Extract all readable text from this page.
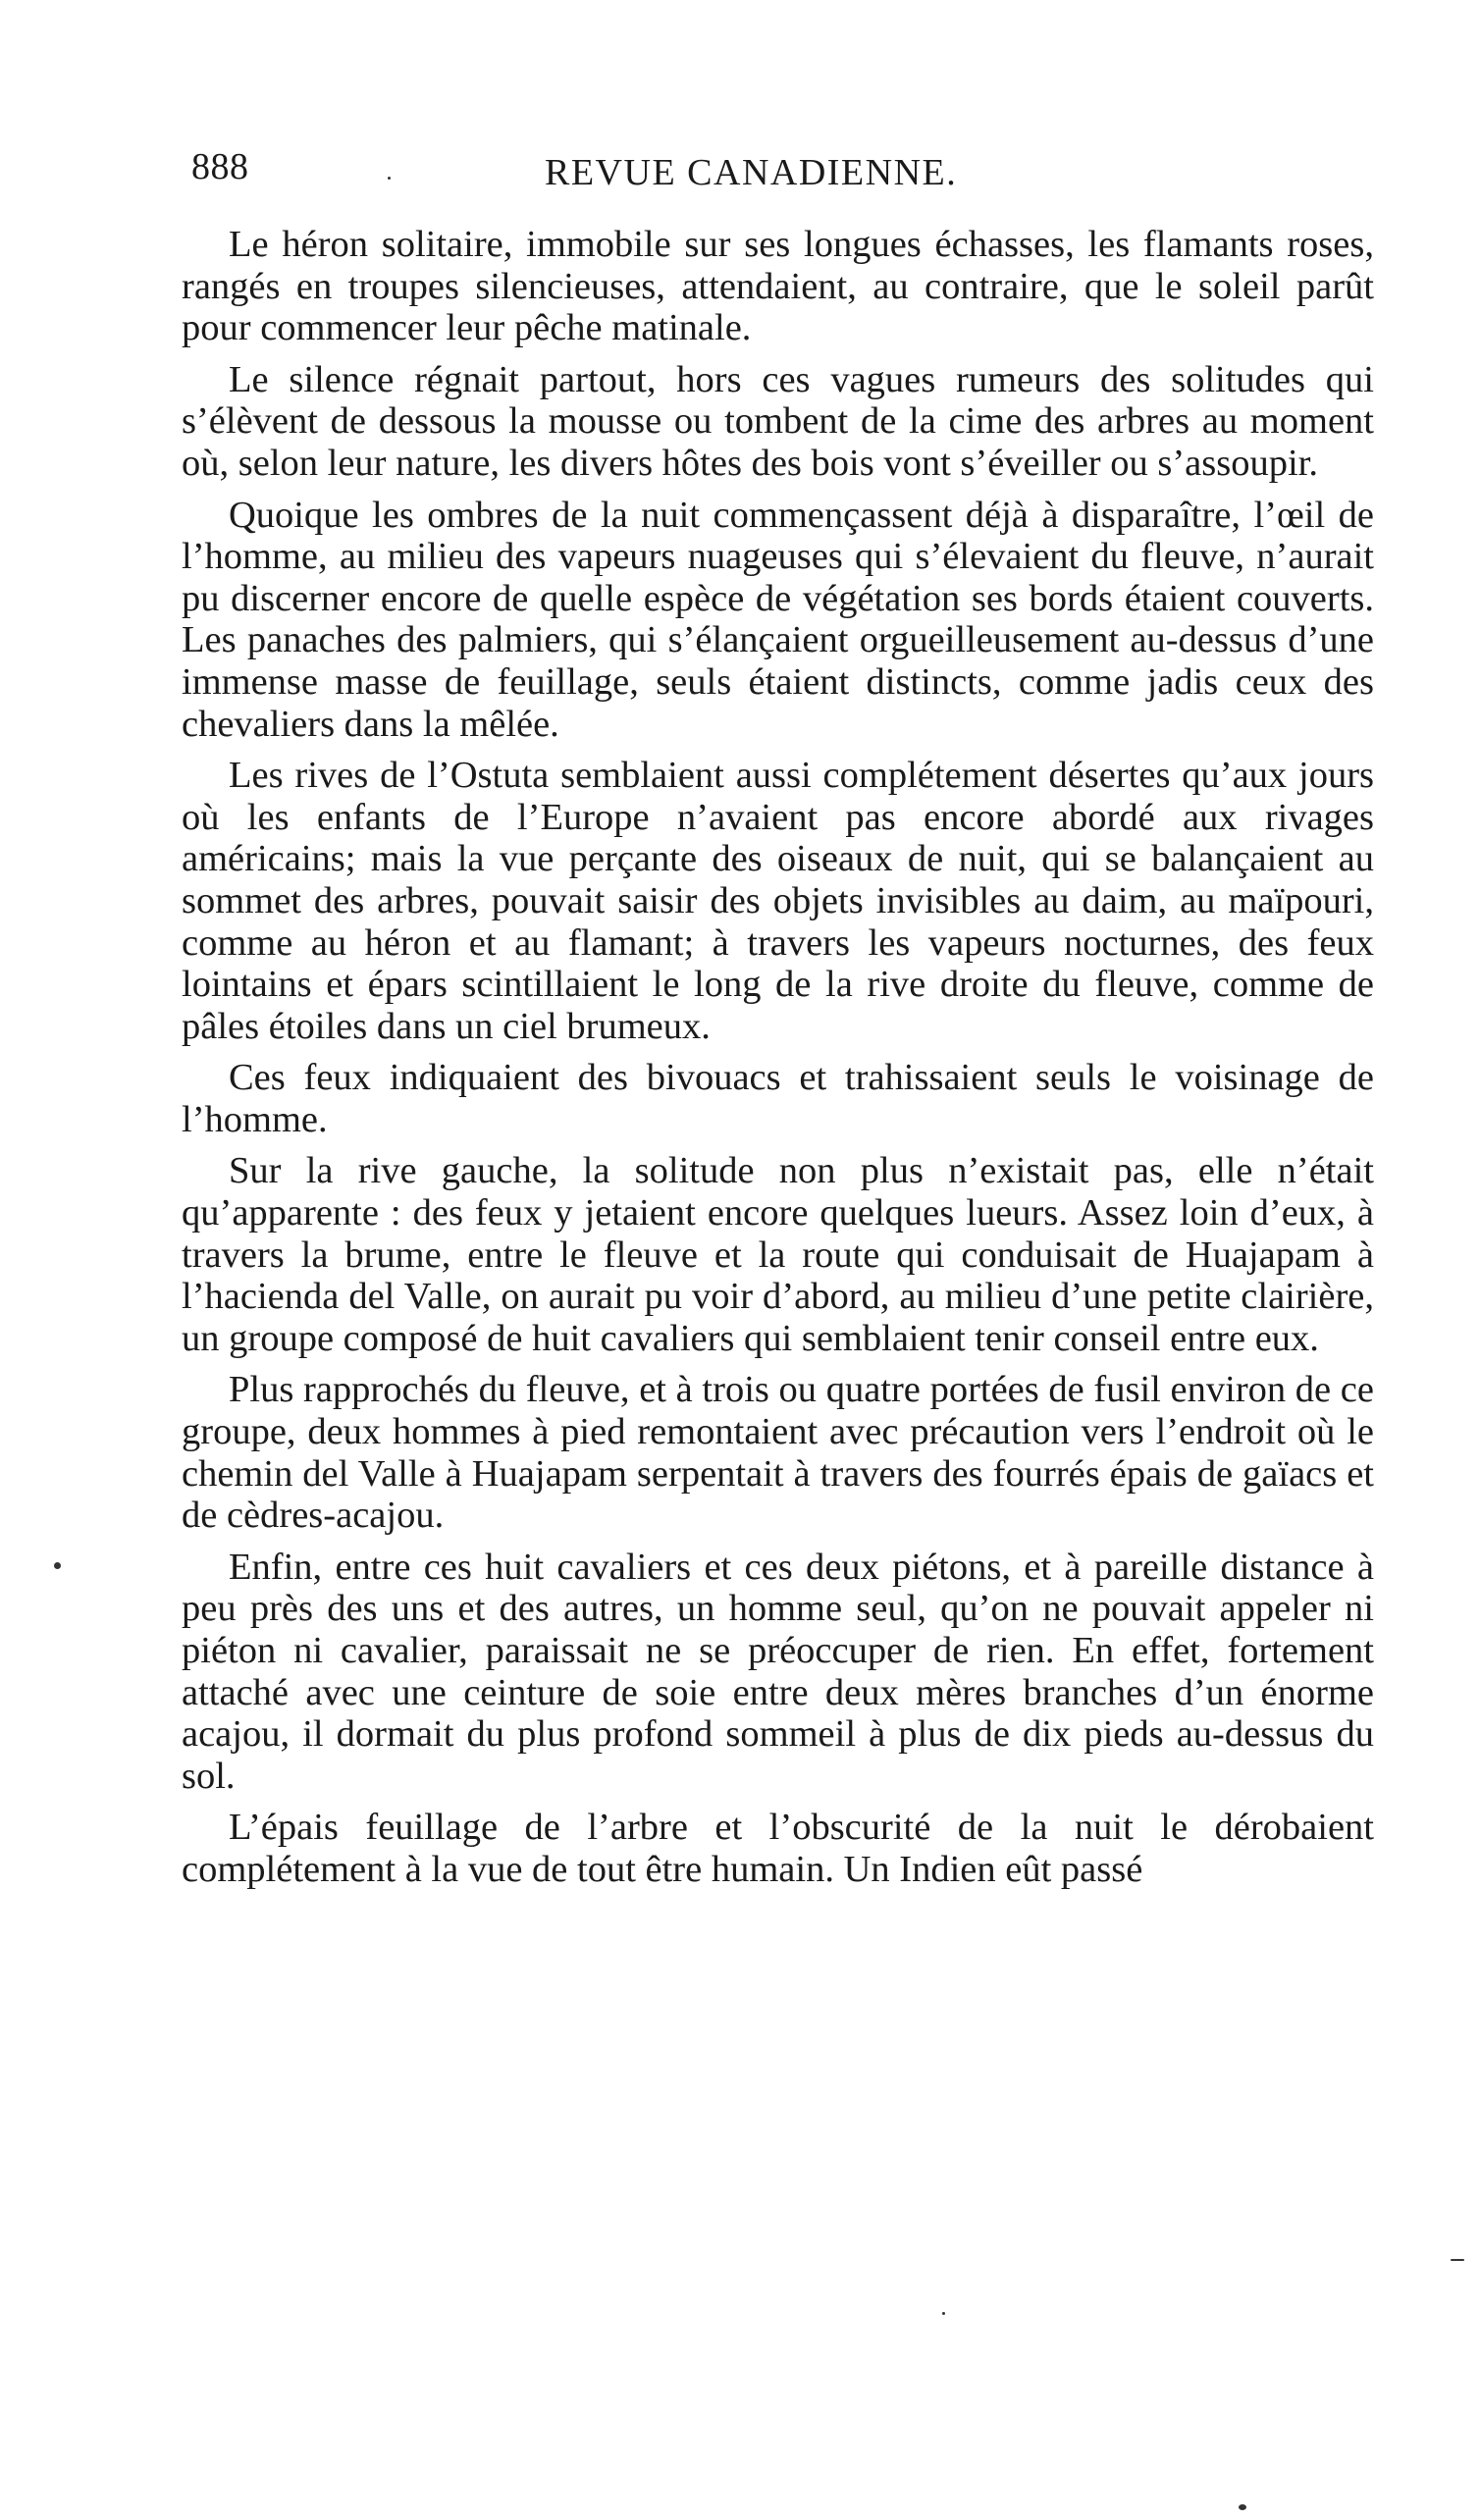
888	REVUE CANADIENNE.

Le héron solitaire, immobile sur ses longues échasses, les flamants roses, rangés en troupes silencieuses, attendaient, au contraire, que le soleil parût pour commencer leur pêche matinale.

Le silence régnait partout, hors ces vagues rumeurs des solitudes qui s’élèvent de dessous la mousse ou tombent de la cime des arbres au moment où, selon leur nature, les divers hôtes des bois vont s’éveiller ou s’assoupir.

Quoique les ombres de la nuit commençassent déjà à disparaître, l’œil de l’homme, au milieu des vapeurs nuageuses qui s’élevaient du fleuve, n’aurait pu discerner encore de quelle espèce de végétation ses bords étaient couverts. Les panaches des palmiers, qui s’élançaient orgueilleusement au-dessus d’une immense masse de feuillage, seuls étaient distincts, comme jadis ceux des chevaliers dans la mêlée.

Les rives de l’Ostuta semblaient aussi complétement désertes qu’aux jours où les enfants de l’Europe n’avaient pas encore abordé aux rivages américains; mais la vue perçante des oiseaux de nuit, qui se balançaient au sommet des arbres, pouvait saisir des objets invisibles au daim, au maïpouri, comme au héron et au flamant; à travers les vapeurs nocturnes, des feux lointains et épars scintillaient le long de la rive droite du fleuve, comme de pâles étoiles dans un ciel brumeux.

Ces feux indiquaient des bivouacs et trahissaient seuls le voisinage de l’homme.

Sur la rive gauche, la solitude non plus n’existait pas, elle n’était qu’apparente : des feux y jetaient encore quelques lueurs. Assez loin d’eux, à travers la brume, entre le fleuve et la route qui conduisait de Huajapam à l’hacienda del Valle, on aurait pu voir d’abord, au milieu d’une petite clairière, un groupe composé de huit cavaliers qui semblaient tenir conseil entre eux.

Plus rapprochés du fleuve, et à trois ou quatre portées de fusil environ de ce groupe, deux hommes à pied remontaient avec précaution vers l’endroit où le chemin del Valle à Huajapam serpentait à travers des fourrés épais de gaïacs et de cèdres-acajou.

Enfin, entre ces huit cavaliers et ces deux piétons, et à pareille distance à peu près des uns et des autres, un homme seul, qu’on ne pouvait appeler ni piéton ni cavalier, paraissait ne se préoccuper de rien. En effet, fortement attaché avec une ceinture de soie entre deux mères branches d’un énorme acajou, il dormait du plus profond sommeil à plus de dix pieds au-dessus du sol.

L’épais feuillage de l’arbre et l’obscurité de la nuit le dérobaient complétement à la vue de tout être humain. Un Indien eût passé
